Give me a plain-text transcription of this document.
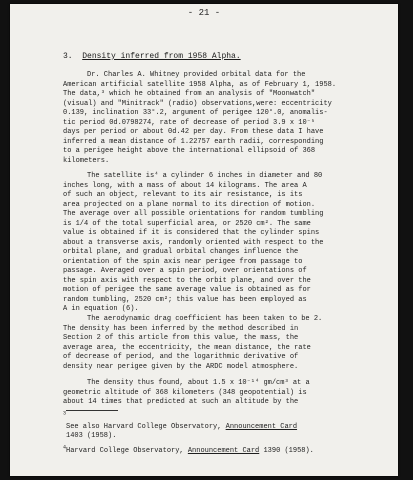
- 21 -
3. Density inferred from 1958 Alpha.
Dr. Charles A. Whitney provided orbital data for the
American artificial satellite 1958 Alpha, as of February 1, 1958.
The data,³ which he obtained from an analysis of "Moonwatch"
(visual) and "Minitrack" (radio) observations,were: eccentricity
0.139, inclination 33°.2, argument of perigee 120°.0, anomalis-
tic period 0d.0798274, rate of decrease of period 3.9 x 10⁻⁵
days per period or about 0d.42 per day. From these data I have
inferred a mean distance of 1.22757 earth radii, corresponding
to a perigee height above the international ellipsoid of 368
kilometers.
The satellite is⁴ a cylinder 6 inches in diameter and 80
inches long, with a mass of about 14 kilograms. The area A
of such an object, relevant to its air resistance, is its
area projected on a plane normal to its direction of motion.
The average over all possible orientations for random tumbling
is 1/4 of the total superficial area, or 2520 cm². The same
value is obtained if it is considered that the cylinder spins
about a transverse axis, randomly oriented with respect to the
orbital plane, and gradual orbital changes influence the
orientation of the spin axis near perigee from passage to
passage. Averaged over a spin period, over orientations of
the spin axis with respect to the orbit plane, and over the
motion of perigee the same average value is obtained as for
random tumbling, 2520 cm²; this value has been employed as
A in equation (6).
The aerodynamic drag coefficient has been taken to be 2.
The density has been inferred by the method described in
Section 2 of this article from this value, the mass, the
average area, the eccentricity, the mean distance, the rate
of decrease of period, and the logarithmic derivative of
density near perigee given by the ARDC model atmosphere.
The density thus found, about 1.5 x 10⁻¹⁴ gm/cm³ at a
geometric altitude of 368 kilometers (348 geopotential) is
about 14 times that predicted at such an altitude by the
$^3$
See also Harvard College Observatory, Announcement Card
1403 (1958).
$^4$Harvard College Observatory, Announcement Card 1390 (1958).
